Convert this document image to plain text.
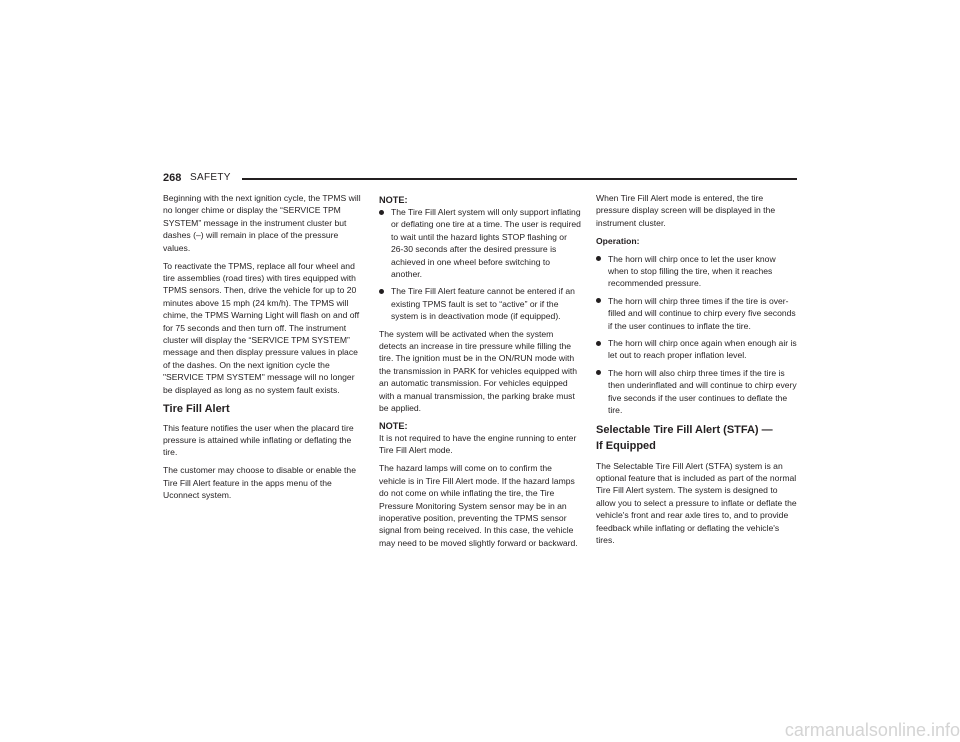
268 SAFETY

Beginning with the next ignition cycle, the TPMS will no longer chime or display the “SERVICE TPM SYSTEM” message in the instrument cluster but dashes (–) will remain in place of the pressure values.

To reactivate the TPMS, replace all four wheel and tire assemblies (road tires) with tires equipped with TPMS sensors. Then, drive the vehicle for up to 20 minutes above 15 mph (24 km/h). The TPMS will chime, the TPMS Warning Light will flash on and off for 75 seconds and then turn off. The instrument cluster will display the “SERVICE TPM SYSTEM” message and then display pressure values in place of the dashes. On the next ignition cycle the "SERVICE TPM SYSTEM" message will no longer be displayed as long as no system fault exists.

Tire Fill Alert

This feature notifies the user when the placard tire pressure is attained while inflating or deflating the tire.

The customer may choose to disable or enable the Tire Fill Alert feature in the apps menu of the Uconnect system.

NOTE:
The Tire Fill Alert system will only support inflating or deflating one tire at a time. The user is required to wait until the hazard lights STOP flashing or 26-30 seconds after the desired pressure is achieved in one wheel before switching to another.
The Tire Fill Alert feature cannot be entered if an existing TPMS fault is set to “active” or if the system is in deactivation mode (if equipped).

The system will be activated when the system detects an increase in tire pressure while filling the tire. The ignition must be in the ON/RUN mode with the transmission in PARK for vehicles equipped with an automatic transmission. For vehicles equipped with a manual transmission, the parking brake must be applied.

NOTE:

It is not required to have the engine running to enter Tire Fill Alert mode.

The hazard lamps will come on to confirm the vehicle is in Tire Fill Alert mode. If the hazard lamps do not come on while inflating the tire, the Tire Pressure Monitoring System sensor may be in an inoperative position, preventing the TPMS sensor signal from being received. In this case, the vehicle may need to be moved slightly forward or backward.

When Tire Fill Alert mode is entered, the tire pressure display screen will be displayed in the instrument cluster.

Operation:

The horn will chirp once to let the user know when to stop filling the tire, when it reaches recommended pressure.
The horn will chirp three times if the tire is over-filled and will continue to chirp every five seconds if the user continues to inflate the tire.
The horn will chirp once again when enough air is let out to reach proper inflation level.
The horn will also chirp three times if the tire is then underinflated and will continue to chirp every five seconds if the user continues to deflate the tire.
Selectable Tire Fill Alert (STFA) —
If Equipped

The Selectable Tire Fill Alert (STFA) system is an optional feature that is included as part of the normal Tire Fill Alert system. The system is designed to allow you to select a pressure to inflate or deflate the vehicle's front and rear axle tires to, and to provide feedback while inflating or deflating the vehicle's tires.

carmanualsonline.info
